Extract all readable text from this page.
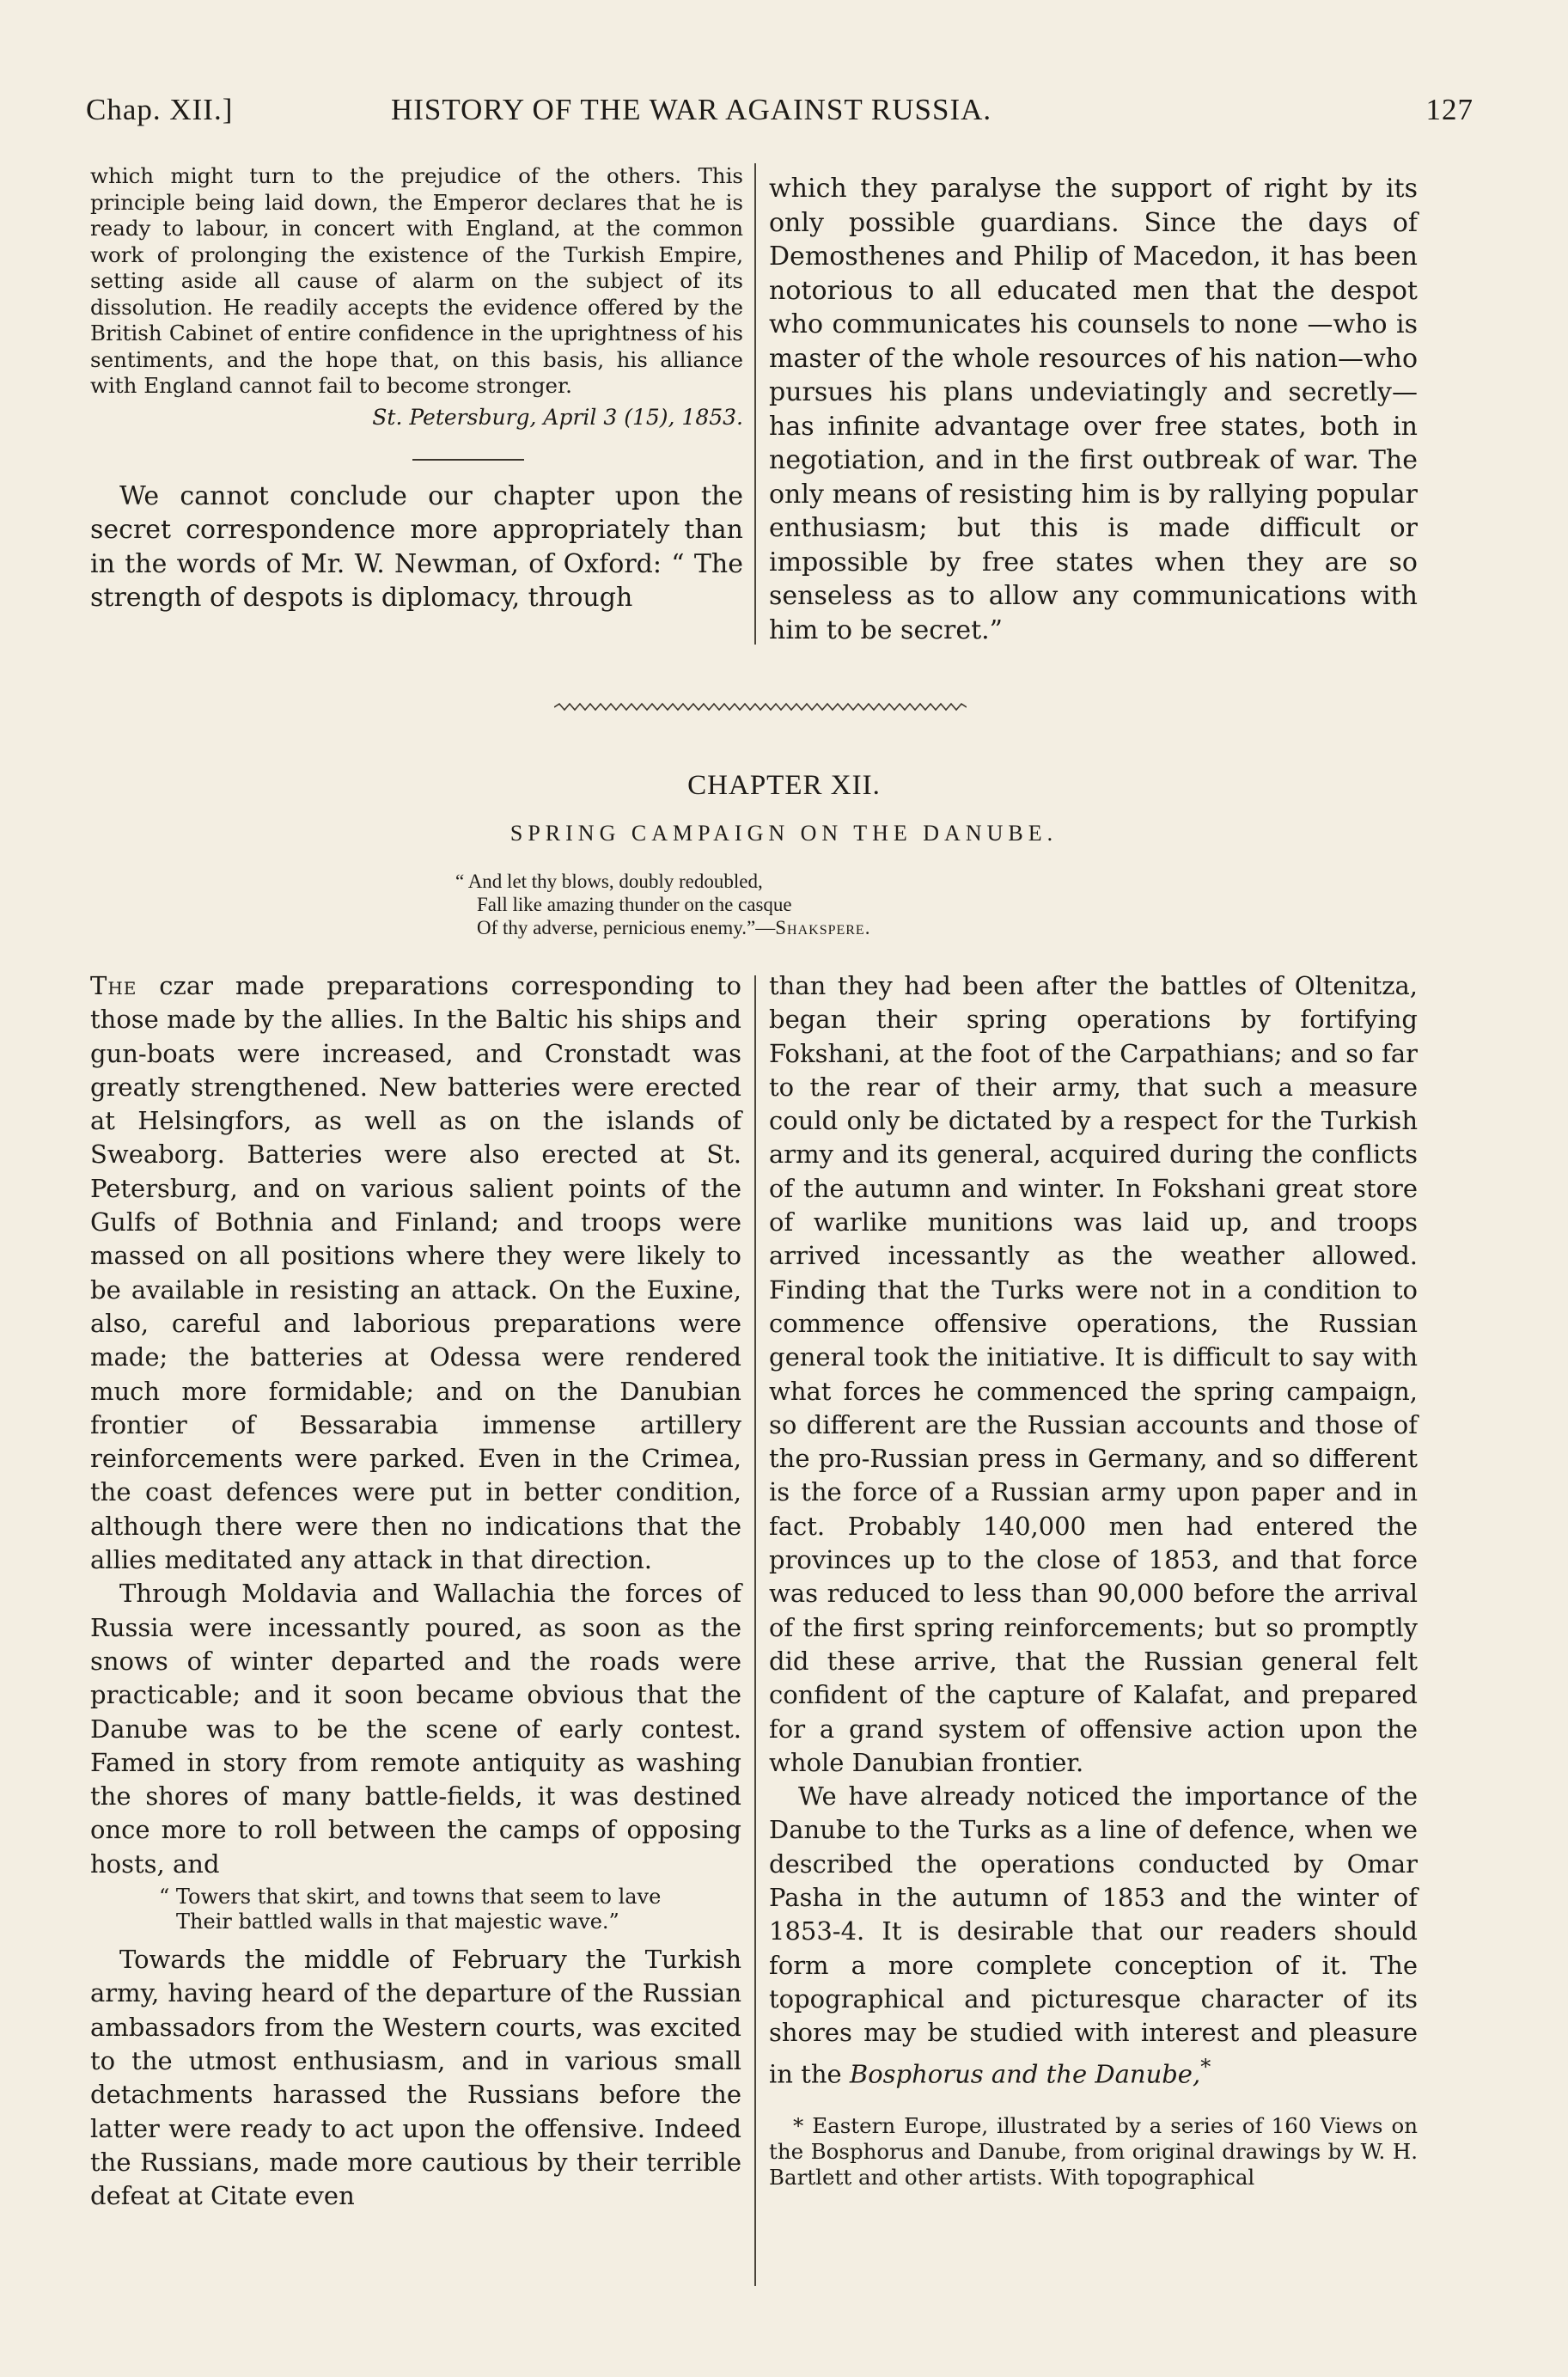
Chap. XII.]	HISTORY OF THE WAR AGAINST RUSSIA.	127

which might turn to the prejudice of the others. This principle being laid down, the Emperor declares that he is ready to labour, in concert with England, at the common work of prolonging the existence of the Turkish Empire, setting aside all cause of alarm on the subject of its dissolution. He readily accepts the evidence offered by the British Cabinet of entire confidence in the uprightness of his sentiments, and the hope that, on this basis, his alliance with England cannot fail to become stronger.

St. Petersburg, April 3 (15), 1853.

We cannot conclude our chapter upon the secret correspondence more appropriately than in the words of Mr. W. Newman, of Oxford: “ The strength of despots is diplomacy, through

which they paralyse the support of right by its only possible guardians. Since the days of Demosthenes and Philip of Macedon, it has been notorious to all educated men that the despot who communicates his counsels to none —who is master of the whole resources of his nation—who pursues his plans undeviatingly and secretly—has infinite advantage over free states, both in negotiation, and in the first outbreak of war. The only means of resisting him is by rallying popular enthusiasm; but this is made difficult or impossible by free states when they are so senseless as to allow any communications with him to be secret.”

CHAPTER XII.
SPRING CAMPAIGN ON THE DANUBE.
“ And let thy blows, doubly redoubled,
Fall like amazing thunder on the casque
Of thy adverse, pernicious enemy.”—Shakspere.

The czar made preparations corresponding to those made by the allies. In the Baltic his ships and gun-boats were increased, and Cronstadt was greatly strengthened. New batteries were erected at Helsingfors, as well as on the islands of Sweaborg. Batteries were also erected at St. Petersburg, and on various salient points of the Gulfs of Bothnia and Finland; and troops were massed on all positions where they were likely to be available in resisting an attack. On the Euxine, also, careful and laborious preparations were made; the batteries at Odessa were rendered much more formidable; and on the Danubian frontier of Bessarabia immense artillery reinforcements were parked. Even in the Crimea, the coast defences were put in better condition, although there were then no indications that the allies meditated any attack in that direction.

Through Moldavia and Wallachia the forces of Russia were incessantly poured, as soon as the snows of winter departed and the roads were practicable; and it soon became obvious that the Danube was to be the scene of early contest. Famed in story from remote antiquity as washing the shores of many battle-fields, it was destined once more to roll between the camps of opposing hosts, and

“ Towers that skirt, and towns that seem to lave
Their battled walls in that majestic wave.”

Towards the middle of February the Turkish army, having heard of the departure of the Russian ambassadors from the Western courts, was excited to the utmost enthusiasm, and in various small detachments harassed the Russians before the latter were ready to act upon the offensive. Indeed the Russians, made more cautious by their terrible defeat at Citate even

than they had been after the battles of Oltenitza, began their spring operations by fortifying Fokshani, at the foot of the Carpathians; and so far to the rear of their army, that such a measure could only be dictated by a respect for the Turkish army and its general, acquired during the conflicts of the autumn and winter. In Fokshani great store of warlike munitions was laid up, and troops arrived incessantly as the weather allowed. Finding that the Turks were not in a condition to commence offensive operations, the Russian general took the initiative. It is difficult to say with what forces he commenced the spring campaign, so different are the Russian accounts and those of the pro-Russian press in Germany, and so different is the force of a Russian army upon paper and in fact. Probably 140,000 men had entered the provinces up to the close of 1853, and that force was reduced to less than 90,000 before the arrival of the first spring reinforcements; but so promptly did these arrive, that the Russian general felt confident of the capture of Kalafat, and prepared for a grand system of offensive action upon the whole Danubian frontier.

We have already noticed the importance of the Danube to the Turks as a line of defence, when we described the operations conducted by Omar Pasha in the autumn of 1853 and the winter of 1853-4. It is desirable that our readers should form a more complete conception of it. The topographical and picturesque character of its shores may be studied with interest and pleasure in the Bosphorus and the Danube,*

* Eastern Europe, illustrated by a series of 160 Views on the Bosphorus and Danube, from original drawings by W. H. Bartlett and other artists. With topographical
